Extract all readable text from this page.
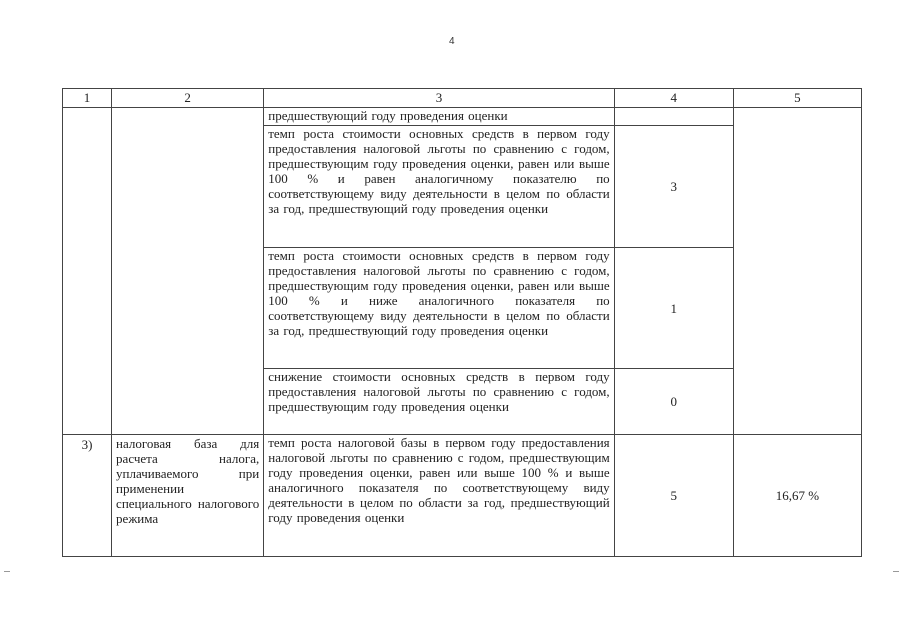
4
1	2	3	4	5

		предшествующий году проведения оценки		

		темп роста стоимости основных средств в первом году предоставления налоговой льготы по сравнению с годом, предшествующим году проведения оценки, равен или выше 100 % и равен аналогичному показателю по соответствующему виду деятельности в целом по области за год, предшествующий году проведения оценки	3	

		темп роста стоимости основных средств в первом году предоставления налоговой льготы по сравнению с годом, предшествующим году проведения оценки, равен или выше 100 % и ниже аналогичного показателя по соответствующему виду деятельности в целом по области за год, предшествующий году проведения оценки	1	

		снижение стоимости основных средств в первом году предоставления налоговой льготы по сравнению с годом, предшествующим году проведения оценки	0	
3)	налоговая база для расчета налога, уплачиваемого при применении специального налогового режима	темп роста налоговой базы в первом году предоставления налоговой льготы по сравнению с годом, предшествующим году проведения оценки, равен или выше 100 % и выше аналогичного показателя по соответствующему виду деятельности в целом по области за год, предшествующий году проведения оценки	5	16,67 %
